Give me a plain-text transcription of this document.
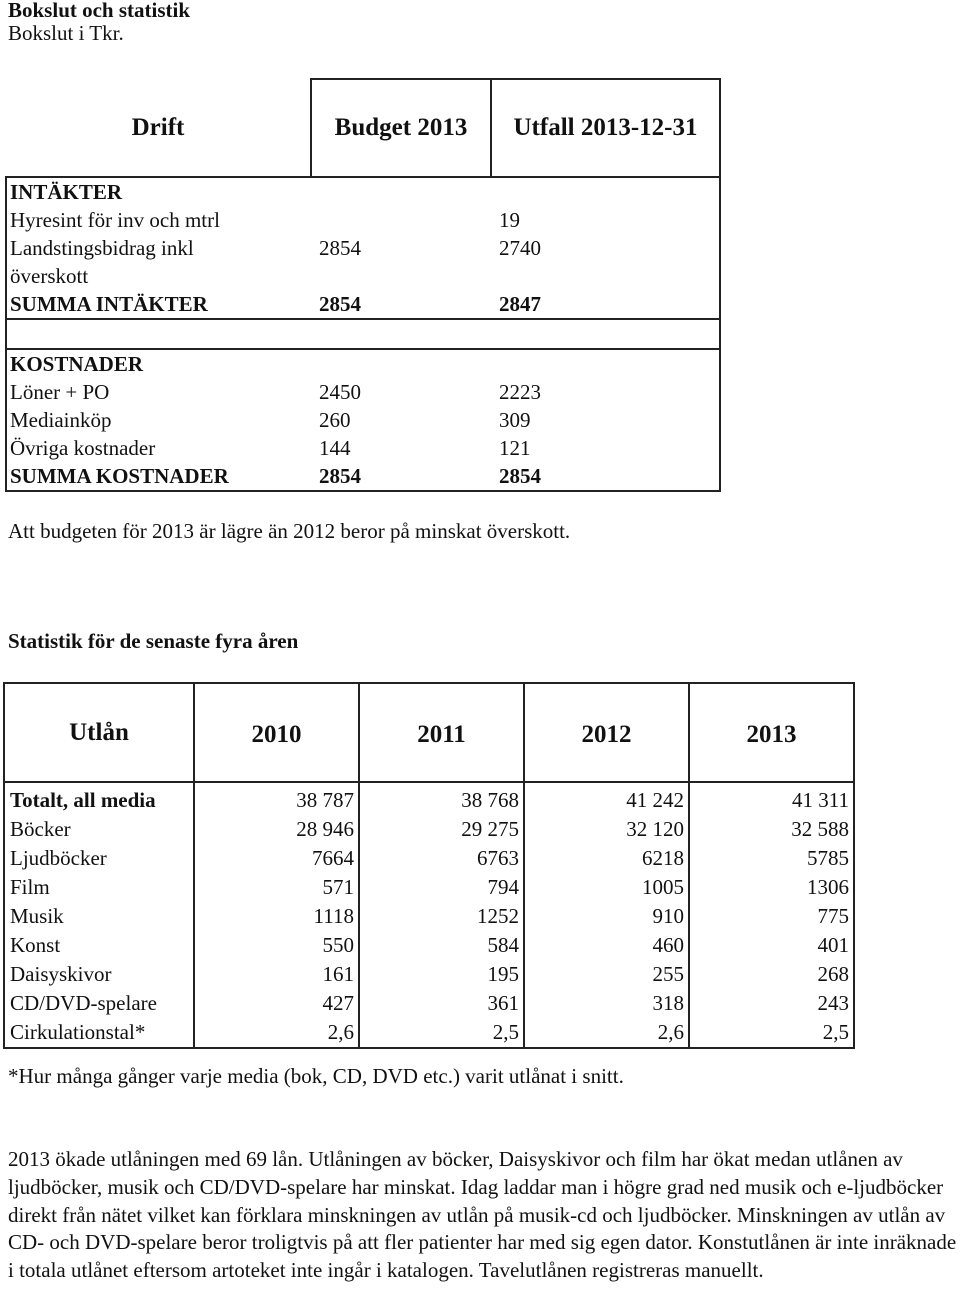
Bokslut och statistik
Bokslut i Tkr.
Drift	Budget 2013	Utfall 2013-12-31
INTÄKTER		
Hyresint för inv och mtrl		19

Landstingsbidrag inkl
överskott	2854	2740
SUMMA INTÄKTER	2854	2847

KOSTNADER		
Löner + PO	2450	2223
Mediainköp	260	309
Övriga kostnader	144	121
SUMMA KOSTNADER	2854	2854
Att budgeten för 2013 är lägre än 2012 beror på minskat överskott.
Statistik för de senaste fyra åren
Utlån	2010	2011	2012	2013
Totalt, all media	38 787	38 768	41 242	41 311
Böcker	28 946	29 275	32 120	32 588
Ljudböcker	7664	6763	6218	5785
Film	571	794	1005	1306
Musik	1118	1252	910	775
Konst	550	584	460	401
Daisyskivor	161	195	255	268
CD/DVD-spelare	427	361	318	243
Cirkulationstal*	2,6	2,5	2,6	2,5
*Hur många gånger varje media (bok, CD, DVD etc.) varit utlånat i snitt.
2013 ökade utlåningen med 69 lån. Utlåningen av böcker, Daisyskivor och film har ökat medan utlånen av ljudböcker, musik och CD/DVD-spelare har minskat. Idag laddar man i högre grad ned musik och e-ljudböcker direkt från nätet vilket kan förklara minskningen av utlån på musik-cd och ljudböcker. Minskningen av utlån av CD- och DVD-spelare beror troligtvis på att fler patienter har med sig egen dator. Konstutlånen är inte inräknade i totala utlånet eftersom artoteket inte ingår i katalogen. Tavelutlånen registreras manuellt.
